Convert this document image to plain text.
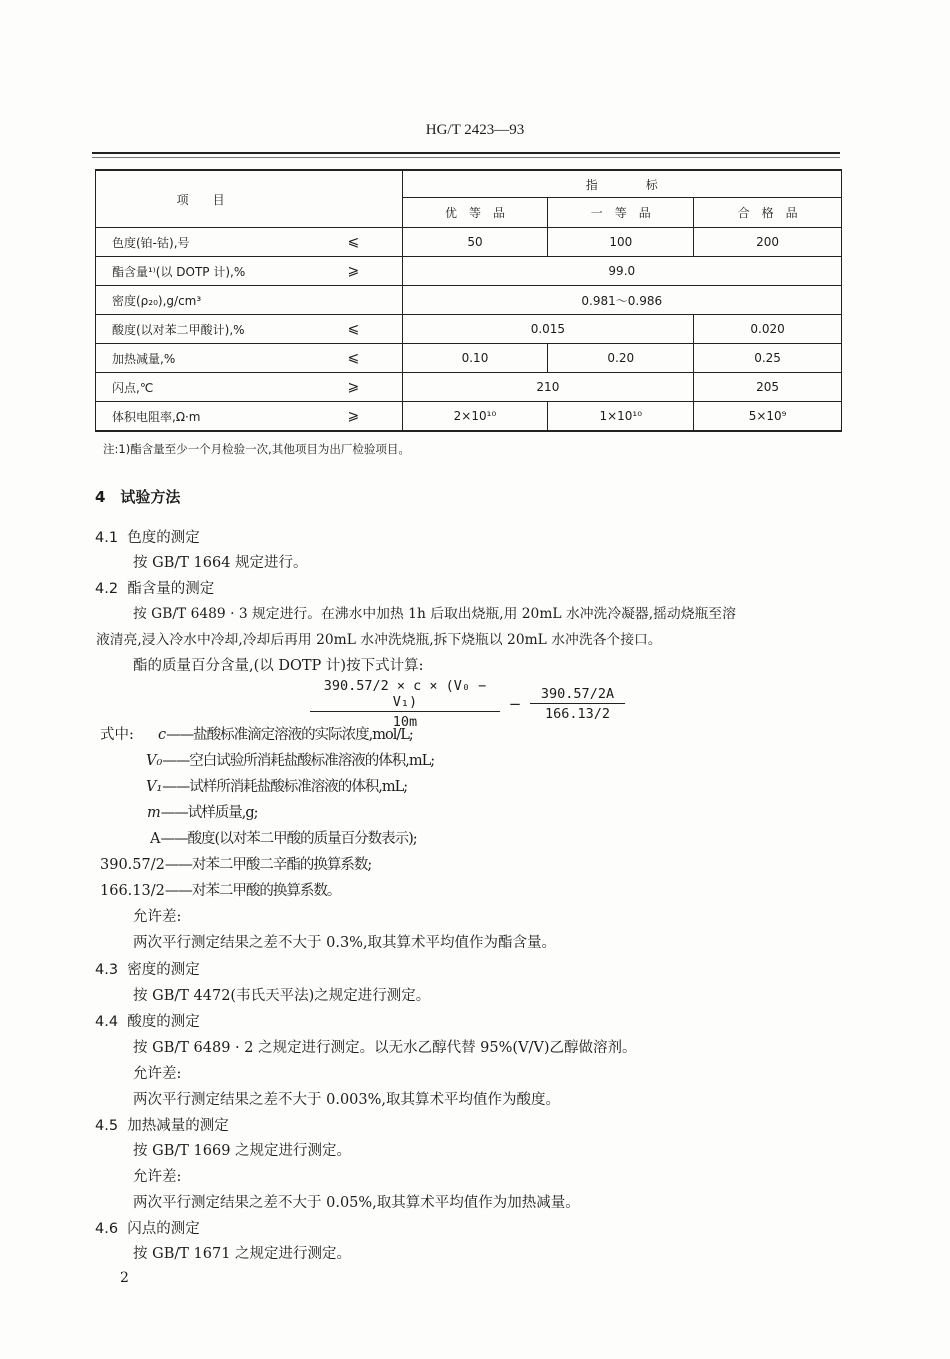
HG/T 2423—93
项　　目		指　　　　标		
		优　等　品	一　等　品	合　格　品
色度(铂-钴),号	⩽	50	100	200
酯含量¹⁾(以 DOTP 计),%	⩾	99.0		
密度(ρ₂₀),g/cm³		0.981～0.986		
酸度(以对苯二甲酸计),%	⩽	0.015		0.020
加热减量,%	⩽	0.10	0.20	0.25
闪点,℃	⩾	210		205
体积电阻率,Ω·m	⩾	2×10¹⁰	1×10¹⁰	5×10⁹
注:1)酯含量至少一个月检验一次,其他项目为出厂检验项目。
4　试验方法
4.1 色度的测定
按 GB/T 1664 规定进行。
4.2 酯含量的测定
按 GB/T 6489 · 3 规定进行。在沸水中加热 1h 后取出烧瓶,用 20mL 水冲洗冷凝器,摇动烧瓶至溶
液清亮,浸入冷水中冷却,冷却后再用 20mL 水冲洗烧瓶,拆下烧瓶以 20mL 水冲洗各个接口。
酯的质量百分含量,(以 DOTP 计)按下式计算:
$\frac{\text{390.57/2 × c × (V₀ − V₁)}}{10m} - \frac{390.57/2A}{166.13/2}$
式中: c——盐酸标准滴定溶液的实际浓度,mol/L;
V₀——空白试验所消耗盐酸标准溶液的体积,mL;
V₁——试样所消耗盐酸标准溶液的体积,mL;
m——试样质量,g;
A——酸度(以对苯二甲酸的质量百分数表示);
390.57/2——对苯二甲酸二辛酯的换算系数;
166.13/2——对苯二甲酸的换算系数。
允许差:
两次平行测定结果之差不大于 0.3%,取其算术平均值作为酯含量。
4.3 密度的测定
按 GB/T 4472(韦氏天平法)之规定进行测定。
4.4 酸度的测定
按 GB/T 6489 · 2 之规定进行测定。以无水乙醇代替 95%(V/V)乙醇做溶剂。
允许差:
两次平行测定结果之差不大于 0.003%,取其算术平均值作为酸度。
4.5 加热减量的测定
按 GB/T 1669 之规定进行测定。
允许差:
两次平行测定结果之差不大于 0.05%,取其算术平均值作为加热减量。
4.6 闪点的测定
按 GB/T 1671 之规定进行测定。
2
